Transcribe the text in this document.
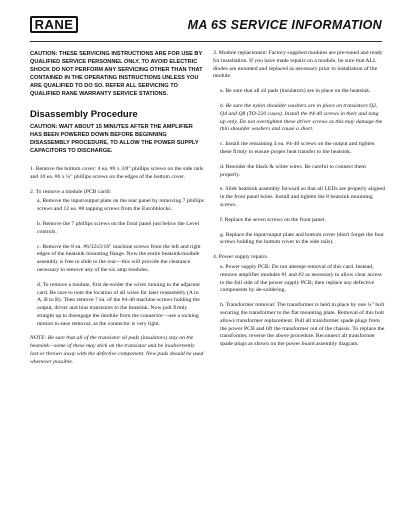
RANE	MA 6S SERVICE INFORMATION
CAUTION: THESE SERVICING INSTRUCTIONS ARE FOR USE BY QUALIFIED SERVICE PERSONNEL ONLY. TO AVOID ELECTRIC SHOCK DO NOT PERFORM ANY SERVICING OTHER THAN THAT CONTAINED IN THE OPERATING INSTRUCTIONS UNLESS YOU ARE QUALIFIED TO DO SO. REFER ALL SERVICING TO QUALIFIED RANE WARRANTY SERVICE STATIONS.
Disassembly Procedure
CAUTION: WAIT ABOUT 15 MINUTES AFTER THE AMPLIFIER HAS BEEN POWERED DOWN BEFORE BEGINNING DISASSEMBLY PROCEDURE, TO ALLOW THE POWER SUPPLY CAPACITORS TO DISCHARGE.
1. Remove the bottom cover: 4 ea. #6 x 3/8" phillips screws on the side rails and 10 ea. #6 x ¼" phillips screws on the edges of the bottom cover.
2. To remove a module (PCB card):
a. Remove the input/output plate on the rear panel by removing 7 phillips screws and 12 ea. #8 tapping screws from the Eurobblocks.
b. Remove the 7 phillips screws on the front panel just below the Level controls.
c. Remove the 8 ea. #6/32x5/16" machine screws from the left and right edges of the heatsink mounting flange. Now the entire heatsink/module assembly is free to slide to the rear—this will provide the clearance necessary to remove any of the six amp modules.
d. To remove a module, first de-solder the wires running to the adjacent card. Be sure to note the location of all wires for later reassembly (A to A, B to B). Then remove 7 ea. of the #4-40 machine screws holding the output, driver and bias transistors to the heatsink. Now pull firmly straight up to disengage the module from the connector—use a rocking motion to ease removal, as the connector is very tight.
NOTE: Be sure that all of the transistor sil pads (insulators) stay on the heatsink—some of these may stick on the transistor and be inadvertently lost or thrown away with the defective component. New pads should be used whenever possible.
3. Module replacement: Factory supplied modules are pre-tuned and ready for installation. If you have made repairs on a module, be sure that ALL diodes are mounted and replaced as necessary prior to installation of the module.
a. Be sure that all sil pads (insulators) are in place on the heatsink.
b. Be sure the nylon shoulder washers are in place on transistors Q2, Q4 and Q8 (TO-220 cases). Install the #4-40 screws in their and tang up only. Do not overtighten these driver screws as this may damage the thin shoulder washers and cause a short.
c. Install the remaining 4 ea. #4-40 screws on the output and tighten these firmly to ensure proper heat transfer to the heatsink.
d. Resolder the black & white wires. Be careful to connect them properly.
e. Slide heatsink assembly forward so that all LEDs are properly aligned in the front panel holes. Install and tighten the 8 heatsink mounting screws.
f. Replace the seven screws on the front panel.
g. Replace the input/output plate and bottom cover (don't forget the four screws holding the bottom cover to the side rails).
4. Power supply repairs.
a. Power supply PCB: Do not attempt removal of this card. Instead, remove amplifier modules #1 and #2 as necessary to allow clear access to the foil side of the power supply PCB; then replace any defective components by de-soldering.
b. Transformer removal: The transformer is held in place by one ¼" bolt securing the transformer to the flat mounting plate. Removal of this bolt allows transformer replacement. Pull all transformer spade plugs from the power PCB and lift the transformer out of the chassis. To replace the transformer, reverse the above procedure. Reconnect all transformer spade plugs as shown on the power board assembly diagram.
